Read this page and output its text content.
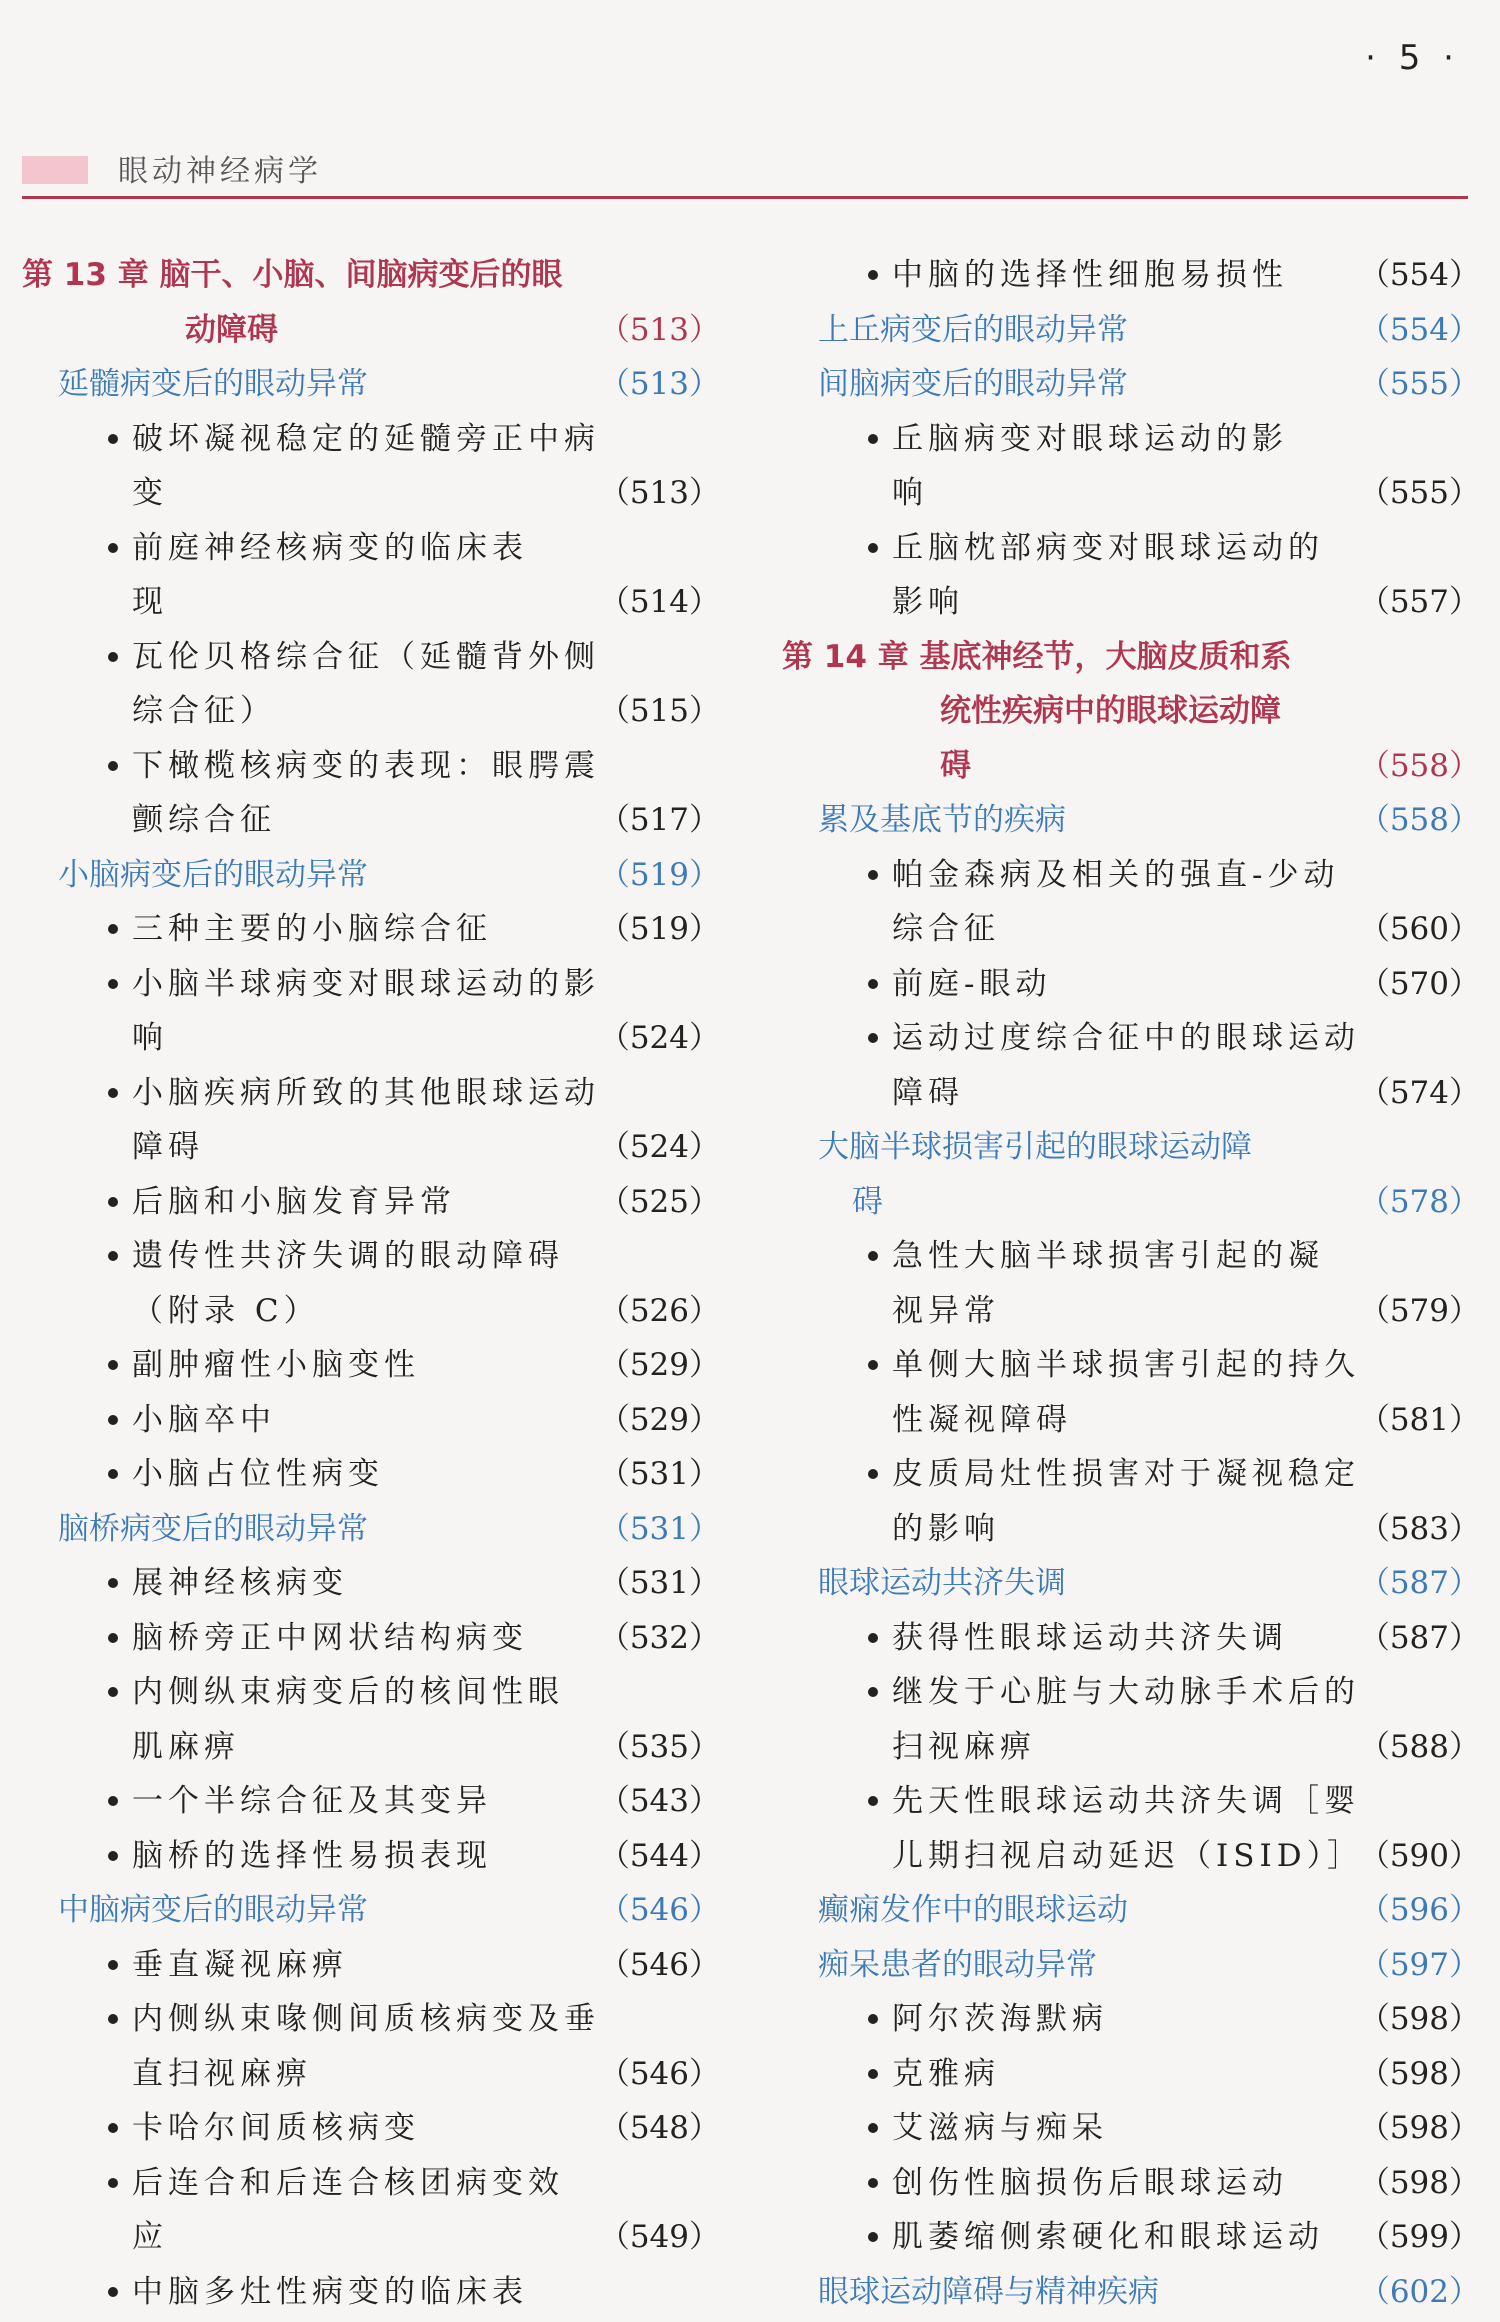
· 5 ·
眼动神经病学
第 13 章 脑干、小脑、间脑病变后的眼
动障碍	（513）
延髓病变后的眼动异常	（513）
破坏凝视稳定的延髓旁正中病
变	（513）
前庭神经核病变的临床表
现	（514）
瓦伦贝格综合征（延髓背外侧
综合征）	（515）
下橄榄核病变的表现：眼腭震
颤综合征	（517）
小脑病变后的眼动异常	（519）
三种主要的小脑综合征	（519）
小脑半球病变对眼球运动的影
响	（524）
小脑疾病所致的其他眼球运动
障碍	（524）
后脑和小脑发育异常	（525）
遗传性共济失调的眼动障碍
（附录 C）	（526）
副肿瘤性小脑变性	（529）
小脑卒中	（529）
小脑占位性病变	（531）
脑桥病变后的眼动异常	（531）
展神经核病变	（531）
脑桥旁正中网状结构病变 （532）
内侧纵束病变后的核间性眼
肌麻痹	（535）
一个半综合征及其变异	（543）
脑桥的选择性易损表现	（544）
中脑病变后的眼动异常	（546）
垂直凝视麻痹	（546）
内侧纵束喙侧间质核病变及垂
直扫视麻痹	（546）
卡哈尔间质核病变	（548）
后连合和后连合核团病变效
应	（549）
中脑多灶性病变的临床表
中脑的选择性细胞易损性 （554）
上丘病变后的眼动异常	（554）
间脑病变后的眼动异常	（555）
丘脑病变对眼球运动的影
响	（555）
丘脑枕部病变对眼球运动的
影响	（557）
第 14 章 基底神经节，大脑皮质和系
统性疾病中的眼球运动障
碍	（558）
累及基底节的疾病	（558）
帕金森病及相关的强直-少动
综合征	（560）
前庭-眼动	（570）
运动过度综合征中的眼球运动
障碍	（574）
大脑半球损害引起的眼球运动障
碍	（578）
急性大脑半球损害引起的凝
视异常	（579）
单侧大脑半球损害引起的持久
性凝视障碍	（581）
皮质局灶性损害对于凝视稳定
的影响	（583）
眼球运动共济失调	（587）
获得性眼球运动共济失调 （587）
继发于心脏与大动脉手术后的
扫视麻痹	（588）
先天性眼球运动共济失调［婴
儿期扫视启动延迟（ISID）］
（590）
癫痫发作中的眼球运动	（596）
痴呆患者的眼动异常	（597）
阿尔茨海默病	（598）
克雅病	（598）
艾滋病与痴呆	（598）
创伤性脑损伤后眼球运动 （598）
肌萎缩侧索硬化和眼球运动 （599）
眼球运动障碍与精神疾病	（602）
